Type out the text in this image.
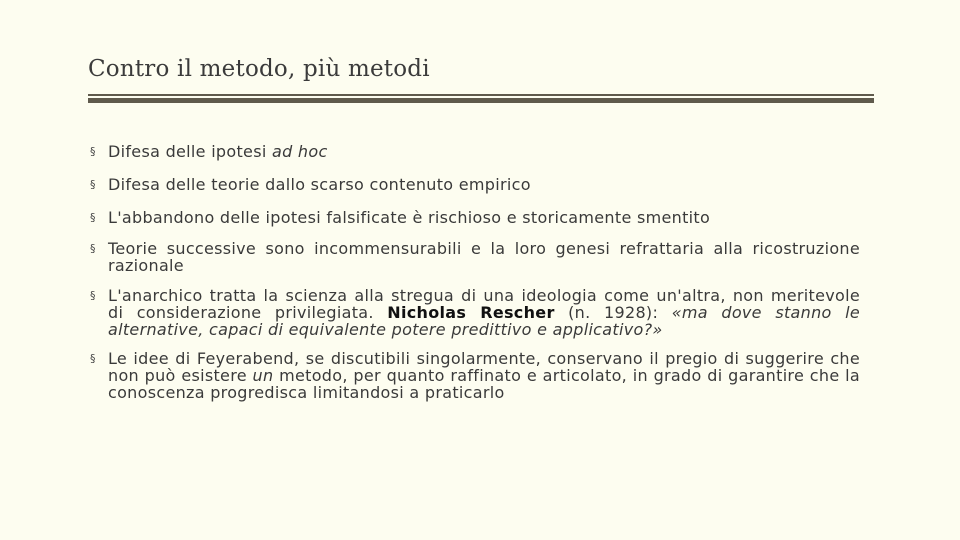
Contro il metodo, più metodi
§ Difesa delle ipotesi ad hoc
§ Difesa delle teorie dallo scarso contenuto empirico
§ L'abbandono delle ipotesi falsificate è rischioso e storicamente smentito
§ Teorie successive sono incommensurabili e la loro genesi refrattaria alla ricostruzione razionale
§ L'anarchico tratta la scienza alla stregua di una ideologia come un'altra, non meritevole di considerazione privilegiata. Nicholas Rescher (n. 1928): «ma dove stanno le alternative, capaci di equivalente potere predittivo e applicativo?»
§ Le idee di Feyerabend, se discutibili singolarmente, conservano il pregio di suggerire che non può esistere un metodo, per quanto raffinato e articolato, in grado di garantire che la conoscenza progredisca limitandosi a praticarlo
